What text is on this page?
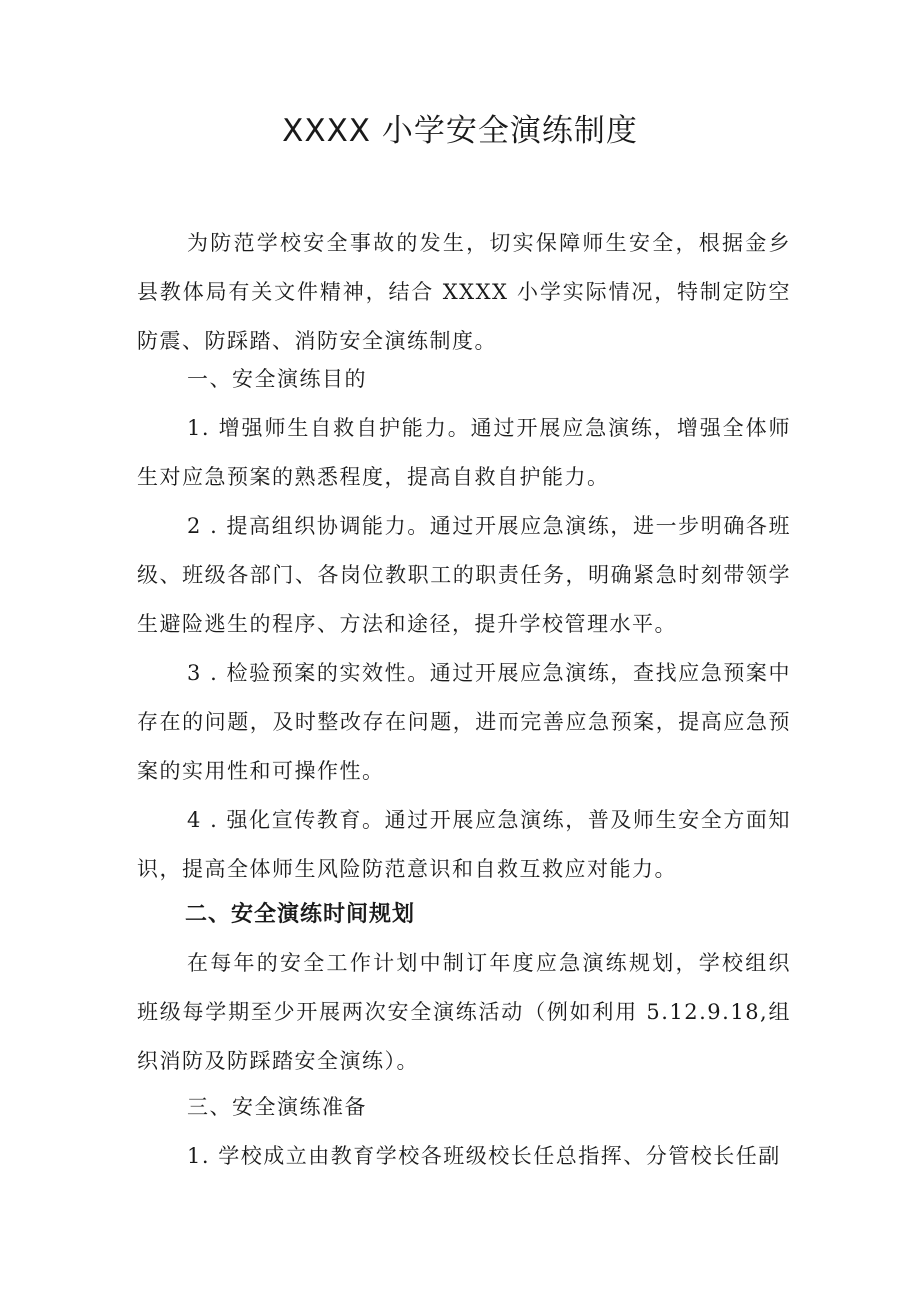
XXXX 小学安全演练制度

为防范学校安全事故的发生，切实保障师生安全，根据金乡县教体局有关文件精神，结合 XXXX 小学实际情况，特制定防空防震、防踩踏、消防安全演练制度。

一、安全演练目的

1. 增强师生自救自护能力。通过开展应急演练，增强全体师生对应急预案的熟悉程度，提高自救自护能力。

2 . 提高组织协调能力。通过开展应急演练，进一步明确各班级、班级各部门、各岗位教职工的职责任务，明确紧急时刻带领学生避险逃生的程序、方法和途径，提升学校管理水平。

3 . 检验预案的实效性。通过开展应急演练，查找应急预案中存在的问题，及时整改存在问题，进而完善应急预案，提高应急预案的实用性和可操作性。

4 . 强化宣传教育。通过开展应急演练，普及师生安全方面知识，提高全体师生风险防范意识和自救互救应对能力。

二、安全演练时间规划

在每年的安全工作计划中制订年度应急演练规划，学校组织班级每学期至少开展两次安全演练活动（例如利用 5.12.9.18,组织消防及防踩踏安全演练）。

三、安全演练准备

1. 学校成立由教育学校各班级校长任总指挥、分管校长任副
